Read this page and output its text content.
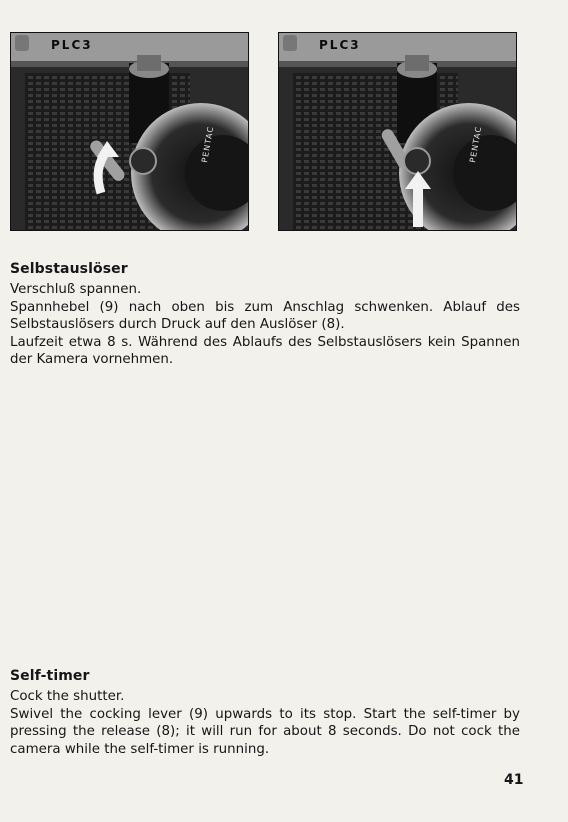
PLC3
PENTAC
PLC3
PENTAC
Selbstauslöser

Verschluß spannen.

Spannhebel (9) nach oben bis zum Anschlag schwenken. Ablauf des Selbstauslösers durch Druck auf den Auslöser (8).

Laufzeit etwa 8 s. Während des Ablaufs des Selbstauslösers kein Spannen der Kamera vornehmen.

Self-timer

Cock the shutter.

Swivel the cocking lever (9) upwards to its stop. Start the self-timer by pressing the release (8); it will run for about 8 seconds. Do not cock the camera while the self-timer is running.

41
